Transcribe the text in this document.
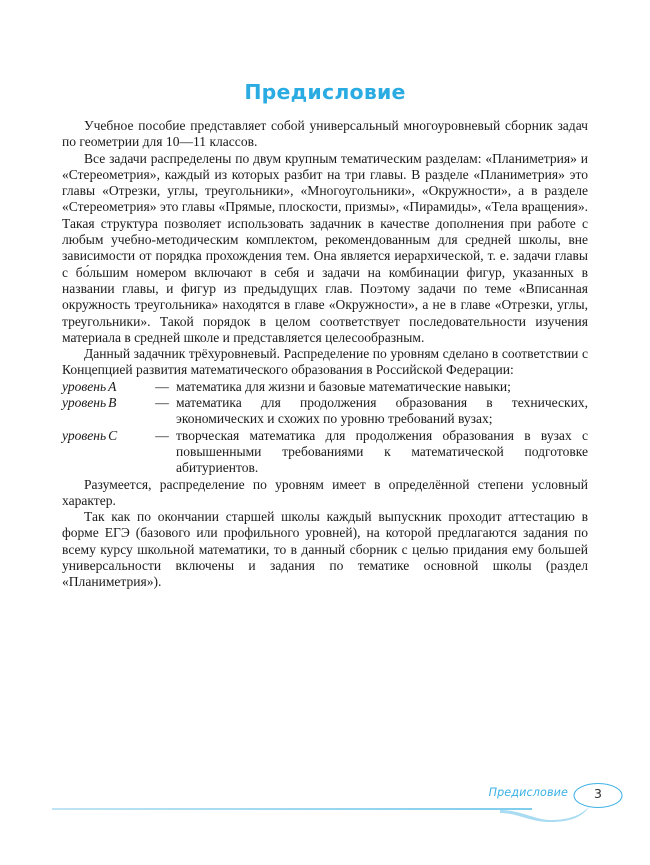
Предисловие

Учебное пособие представляет собой универсальный многоуровневый сборник задач по геометрии для 10—11 классов.

Все задачи распределены по двум крупным тематическим разделам: «Планиметрия» и «Стереометрия», каждый из которых разбит на три главы. В разделе «Планиметрия» это главы «Отрезки, углы, треугольники», «Многоугольники», «Окружности», а в разделе «Стереометрия» это главы «Прямые, плоскости, призмы», «Пирамиды», «Тела вращения». Такая структура позволяет использовать задачник в качестве дополнения при работе с любым учебно-методическим комплектом, рекомендованным для средней школы, вне зависимости от порядка прохождения тем. Она является иерархической, т. е. задачи главы с бо́льшим номером включают в себя и задачи на комбинации фигур, указанных в названии главы, и фигур из предыдущих глав. Поэтому задачи по теме «Вписанная окружность треугольника» находятся в главе «Окружности», а не в главе «Отрезки, углы, треугольники». Такой порядок в целом соответствует последовательности изучения материала в средней школе и представляется целесообразным.

Данный задачник трёхуровневый. Распределение по уровням сделано в соответствии с Концепцией развития математического образования в Российской Федерации:

уровень A	— математика для жизни и базовые математические навыки;
уровень B	— математика для продолжения образования в технических, экономических и схожих по уровню требований вузах;
уровень C	— творческая математика для продолжения образования в вузах с повышенными требованиями к математической подготовке абитуриентов.

Разумеется, распределение по уровням имеет в определённой степени условный характер.

Так как по окончании старшей школы каждый выпускник проходит аттестацию в форме ЕГЭ (базового или профильного уровней), на которой предлагаются задания по всему курсу школьной математики, то в данный сборник с целью придания ему большей универсальности включены и задания по тематике основной школы (раздел «Планиметрия»).

Предисловие	3
